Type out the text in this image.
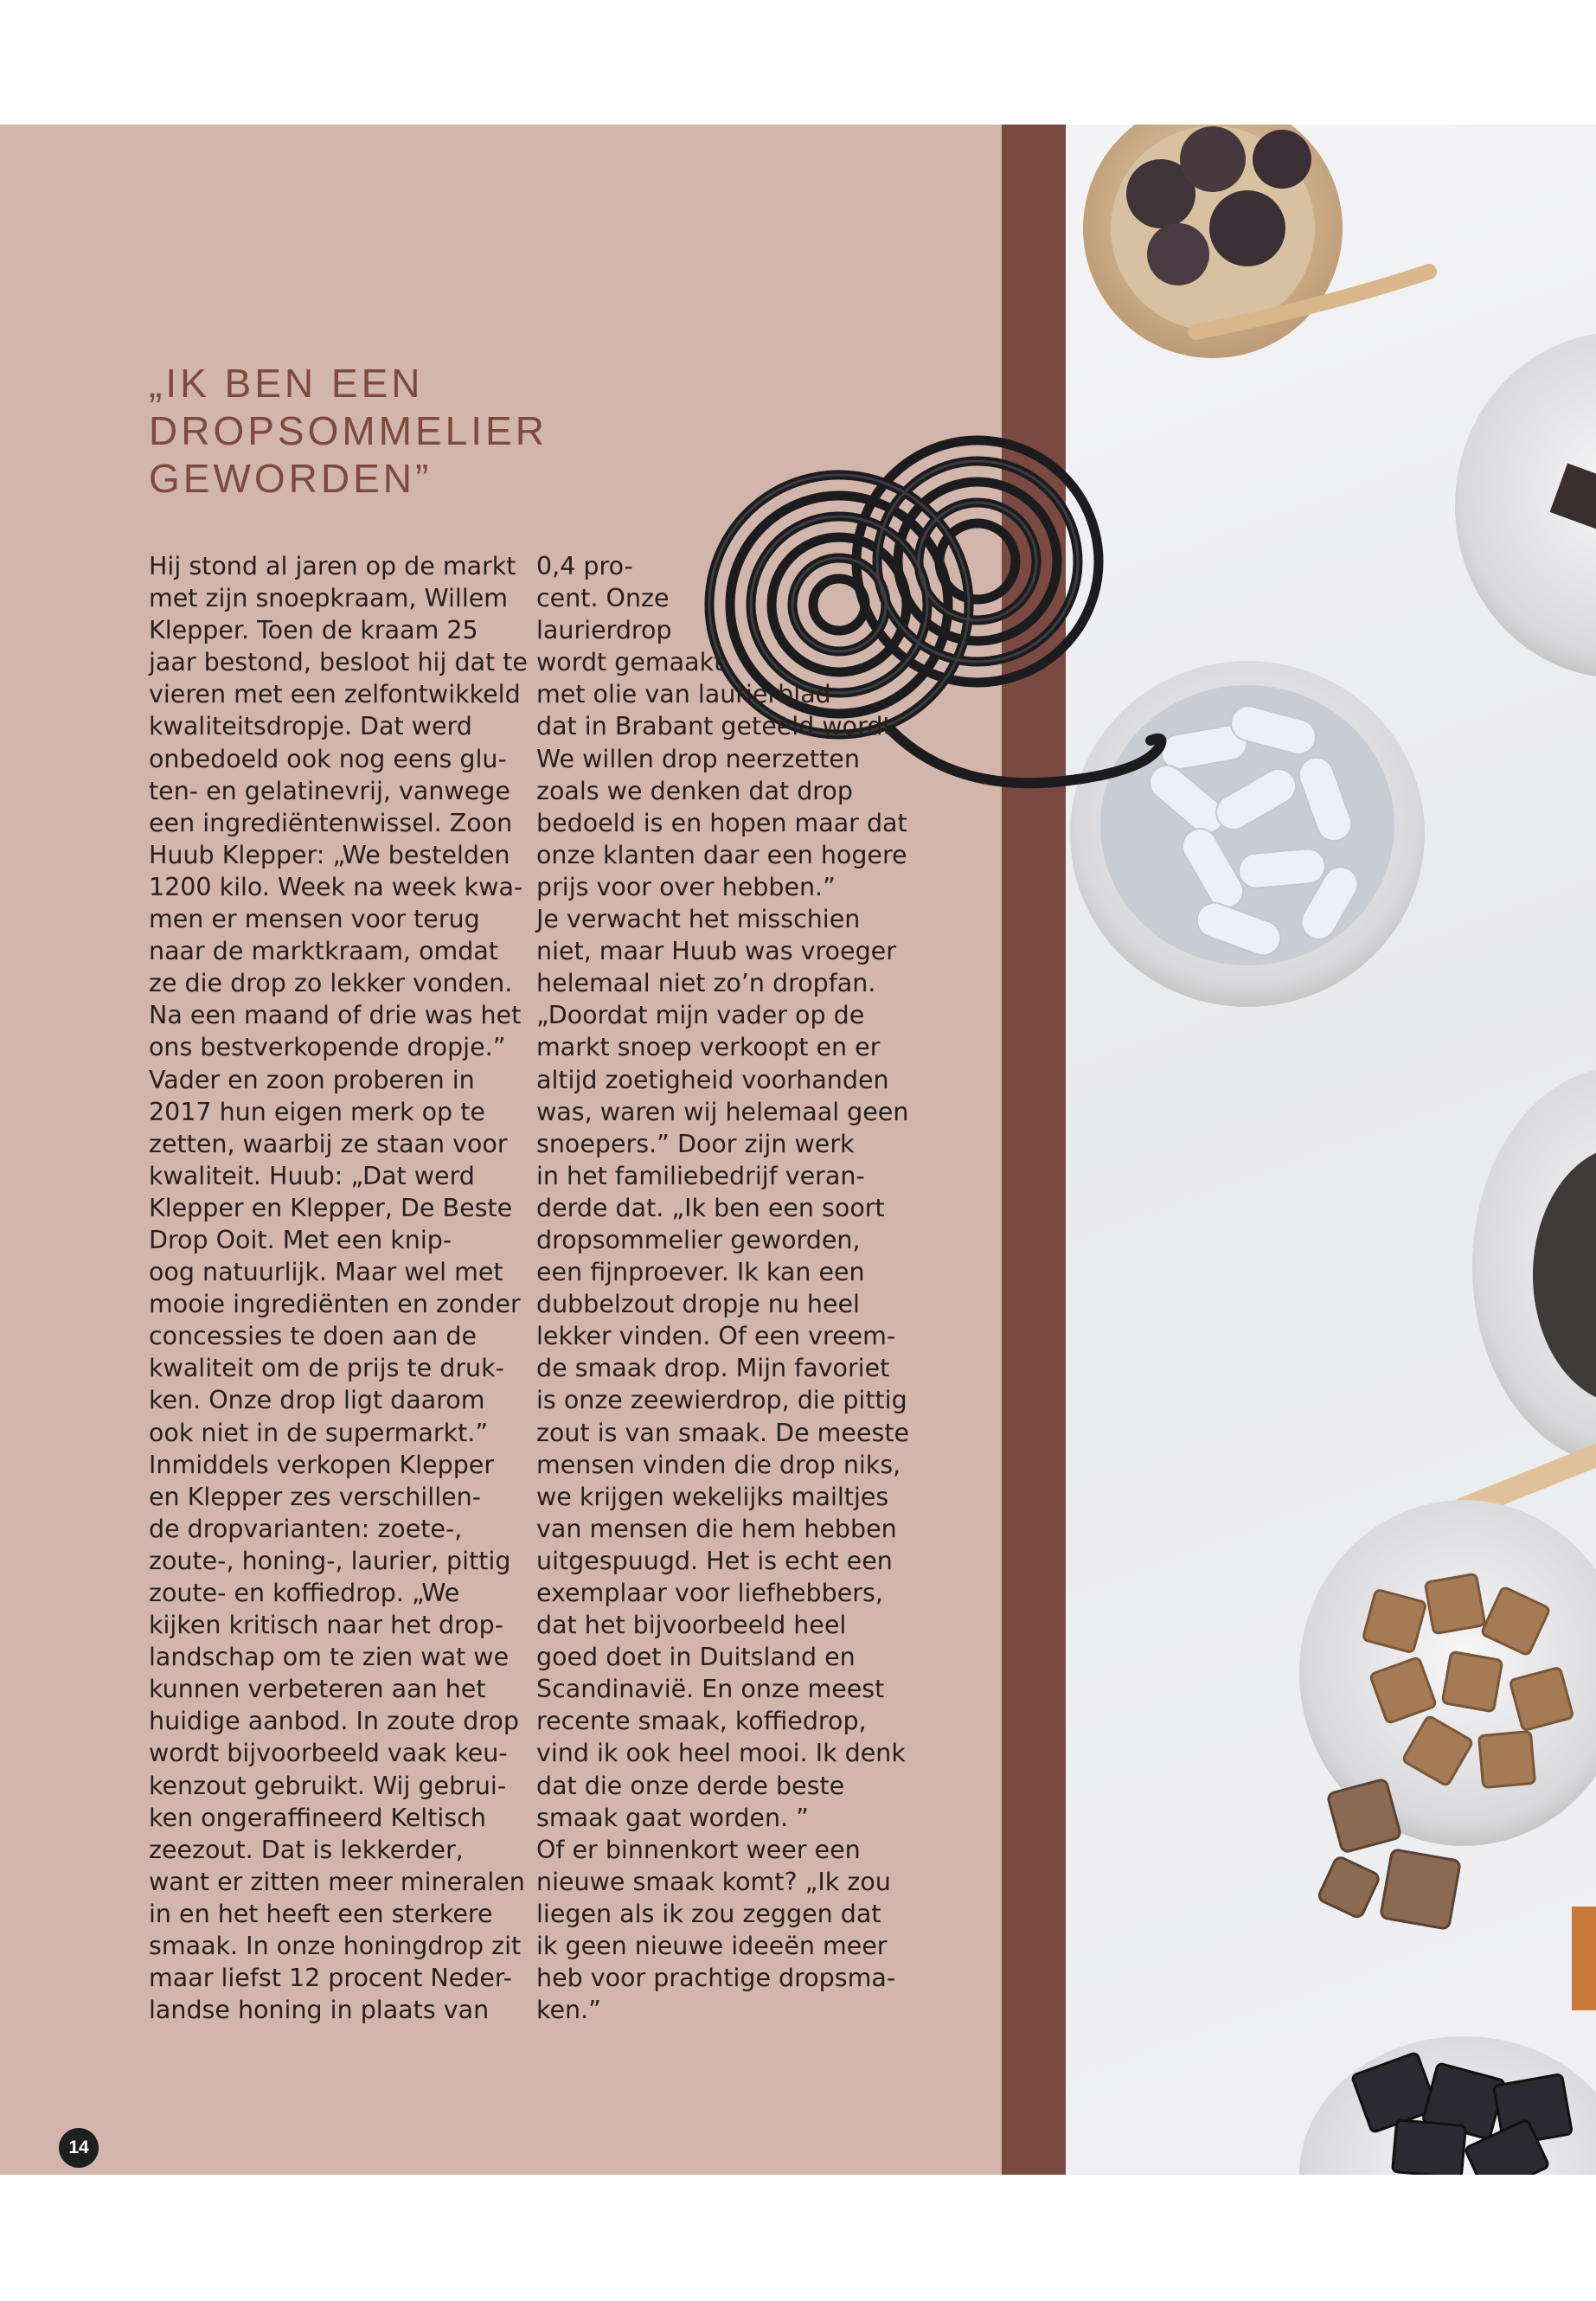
„IK BEN EEN
DROPSOMMELIER
GEWORDEN”
Hij stond al jaren op de markt
met zijn snoepkraam, Willem
Klepper. Toen de kraam 25
jaar bestond, besloot hij dat te
vieren met een zelfontwikkeld
kwaliteitsdropje. Dat werd
onbedoeld ook nog eens glu-
ten- en gelatinevrij, vanwege
een ingrediëntenwissel. Zoon
Huub Klepper: „We bestelden
1200 kilo. Week na week kwa-
men er mensen voor terug
naar de marktkraam, omdat
ze die drop zo lekker vonden.
Na een maand of drie was het
ons bestverkopende dropje.”
Vader en zoon proberen in
2017 hun eigen merk op te
zetten, waarbij ze staan voor
kwaliteit. Huub: „Dat werd
Klepper en Klepper, De Beste
Drop Ooit. Met een knip-
oog natuurlijk. Maar wel met
mooie ingrediënten en zonder
concessies te doen aan de
kwaliteit om de prijs te druk-
ken. Onze drop ligt daarom
ook niet in de supermarkt.”
Inmiddels verkopen Klepper
en Klepper zes verschillen-
de dropvarianten: zoete-,
zoute-, honing-, laurier, pittig
zoute- en koffiedrop. „We
kijken kritisch naar het drop-
landschap om te zien wat we
kunnen verbeteren aan het
huidige aanbod. In zoute drop
wordt bijvoorbeeld vaak keu-
kenzout gebruikt. Wij gebrui-
ken ongeraffineerd Keltisch
zeezout. Dat is lekkerder,
want er zitten meer mineralen
in en het heeft een sterkere
smaak. In onze honingdrop zit
maar liefst 12 procent Neder-
landse honing in plaats van
0,4 pro-
cent. Onze
laurierdrop
wordt gemaakt
met olie van laurierblad
dat in Brabant geteeld wordt.
We willen drop neerzetten
zoals we denken dat drop
bedoeld is en hopen maar dat
onze klanten daar een hogere
prijs voor over hebben.”
Je verwacht het misschien
niet, maar Huub was vroeger
helemaal niet zo’n dropfan.
„Doordat mijn vader op de
markt snoep verkoopt en er
altijd zoetigheid voorhanden
was, waren wij helemaal geen
snoepers.” Door zijn werk
in het familiebedrijf veran-
derde dat. „Ik ben een soort
dropsommelier geworden,
een fijnproever. Ik kan een
dubbelzout dropje nu heel
lekker vinden. Of een vreem-
de smaak drop. Mijn favoriet
is onze zeewierdrop, die pittig
zout is van smaak. De meeste
mensen vinden die drop niks,
we krijgen wekelijks mailtjes
van mensen die hem hebben
uitgespuugd. Het is echt een
exemplaar voor liefhebbers,
dat het bijvoorbeeld heel
goed doet in Duitsland en
Scandinavië. En onze meest
recente smaak, koffiedrop,
vind ik ook heel mooi. Ik denk
dat die onze derde beste
smaak gaat worden. ”
Of er binnenkort weer een
nieuwe smaak komt? „Ik zou
liegen als ik zou zeggen dat
ik geen nieuwe ideeën meer
heb voor prachtige dropsma-
ken.”
14
